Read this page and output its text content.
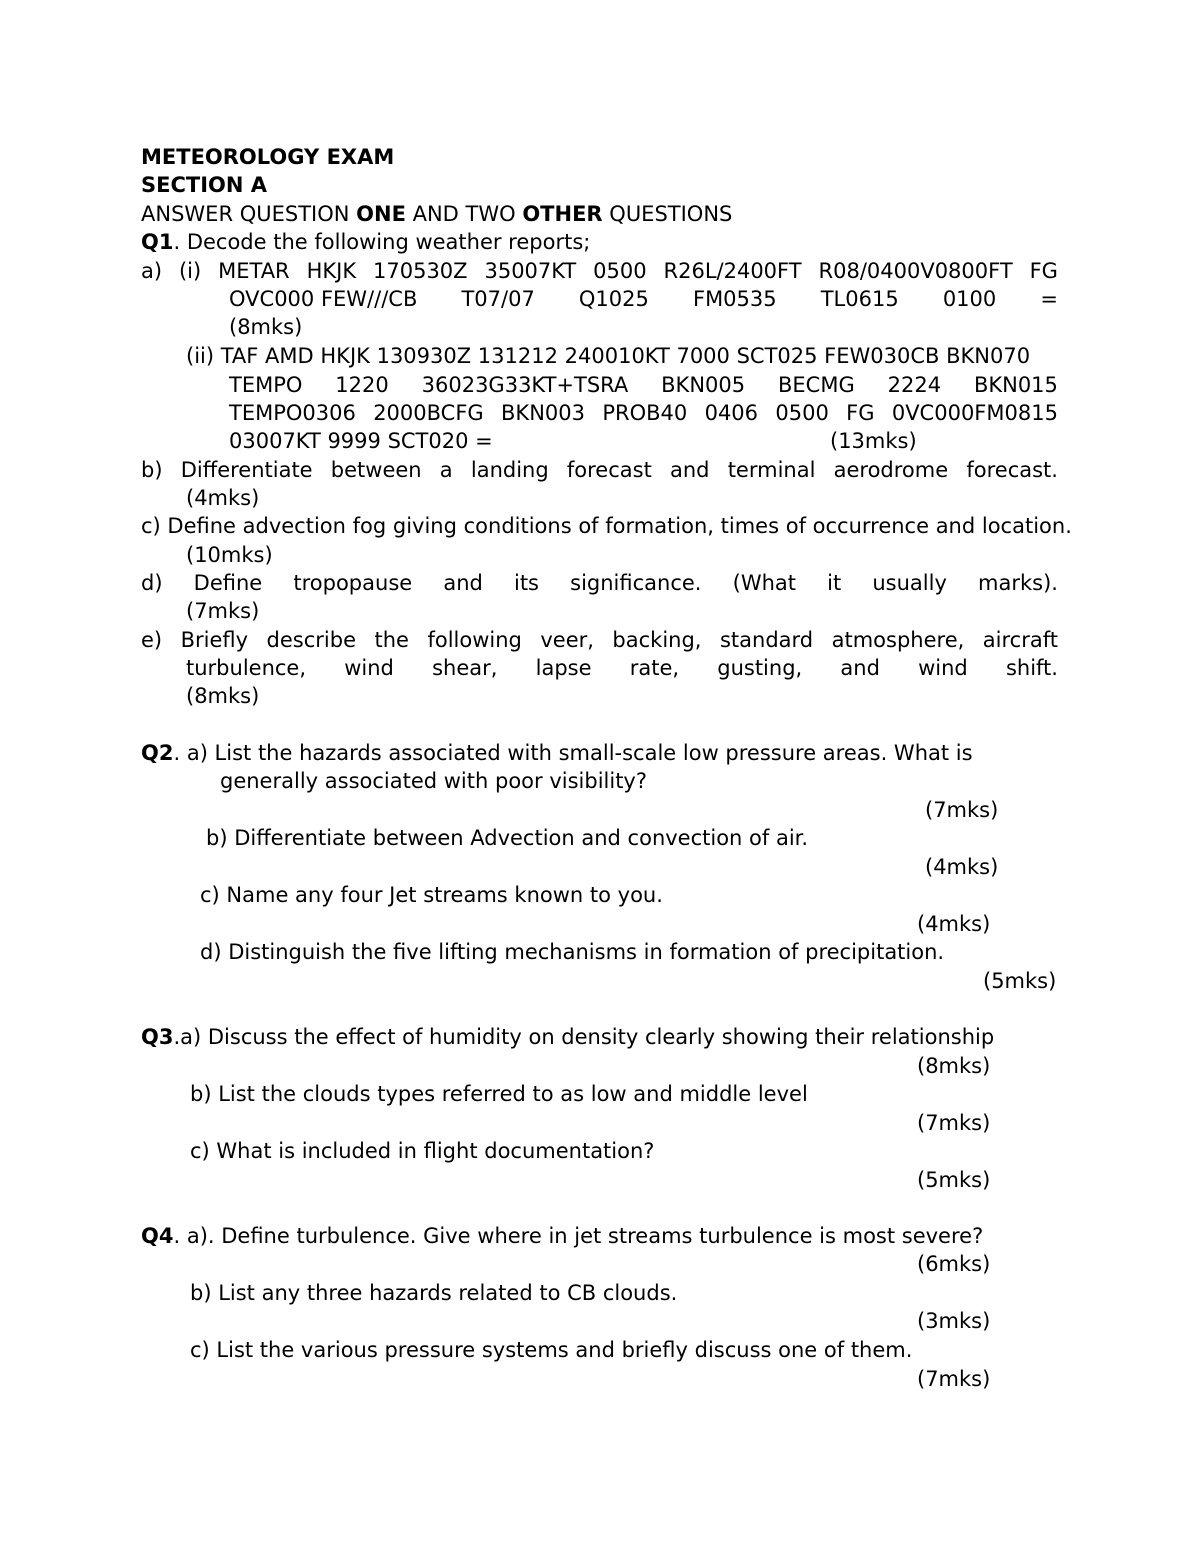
METEOROLOGY EXAM
SECTION A
ANSWER QUESTION ONE AND TWO OTHER QUESTIONS
Q1. Decode the following weather reports;
a) (i) METAR HKJK 170530Z 35007KT 0500 R26L/2400FT R08/0400V0800FT FG
OVC000 FEW///CB T07/07 Q1025 FM0535 TL0615 0100 =
(8mks)
(ii) TAF AMD HKJK 130930Z 131212 240010KT 7000 SCT025 FEW030CB BKN070
TEMPO 1220 36023G33KT+TSRA BKN005 BECMG 2224 BKN015
TEMPO0306 2000BCFG BKN003 PROB40 0406 0500 FG 0VC000FM0815
03007KT 9999 SCT020 =	(13mks)
b) Differentiate between a landing forecast and terminal aerodrome forecast.
(4mks)
c) Define advection fog giving conditions of formation, times of occurrence and location.
(10mks)
d) Define tropopause and its significance. (What it usually marks).
(7mks)
e) Briefly describe the following veer, backing, standard atmosphere, aircraft
turbulence, wind shear, lapse rate, gusting, and wind shift.
(8mks)
Q2. a) List the hazards associated with small-scale low pressure areas. What is
generally associated with poor visibility?
(7mks)
b) Differentiate between Advection and convection of air.
(4mks)
c) Name any four Jet streams known to you.
(4mks)
d) Distinguish the five lifting mechanisms in formation of precipitation.
(5mks)
Q3.a) Discuss the effect of humidity on density clearly showing their relationship
(8mks)
b) List the clouds types referred to as low and middle level
(7mks)
c) What is included in flight documentation?
(5mks)
Q4. a). Define turbulence. Give where in jet streams turbulence is most severe?
(6mks)
b) List any three hazards related to CB clouds.
(3mks)
c) List the various pressure systems and briefly discuss one of them.
(7mks)
